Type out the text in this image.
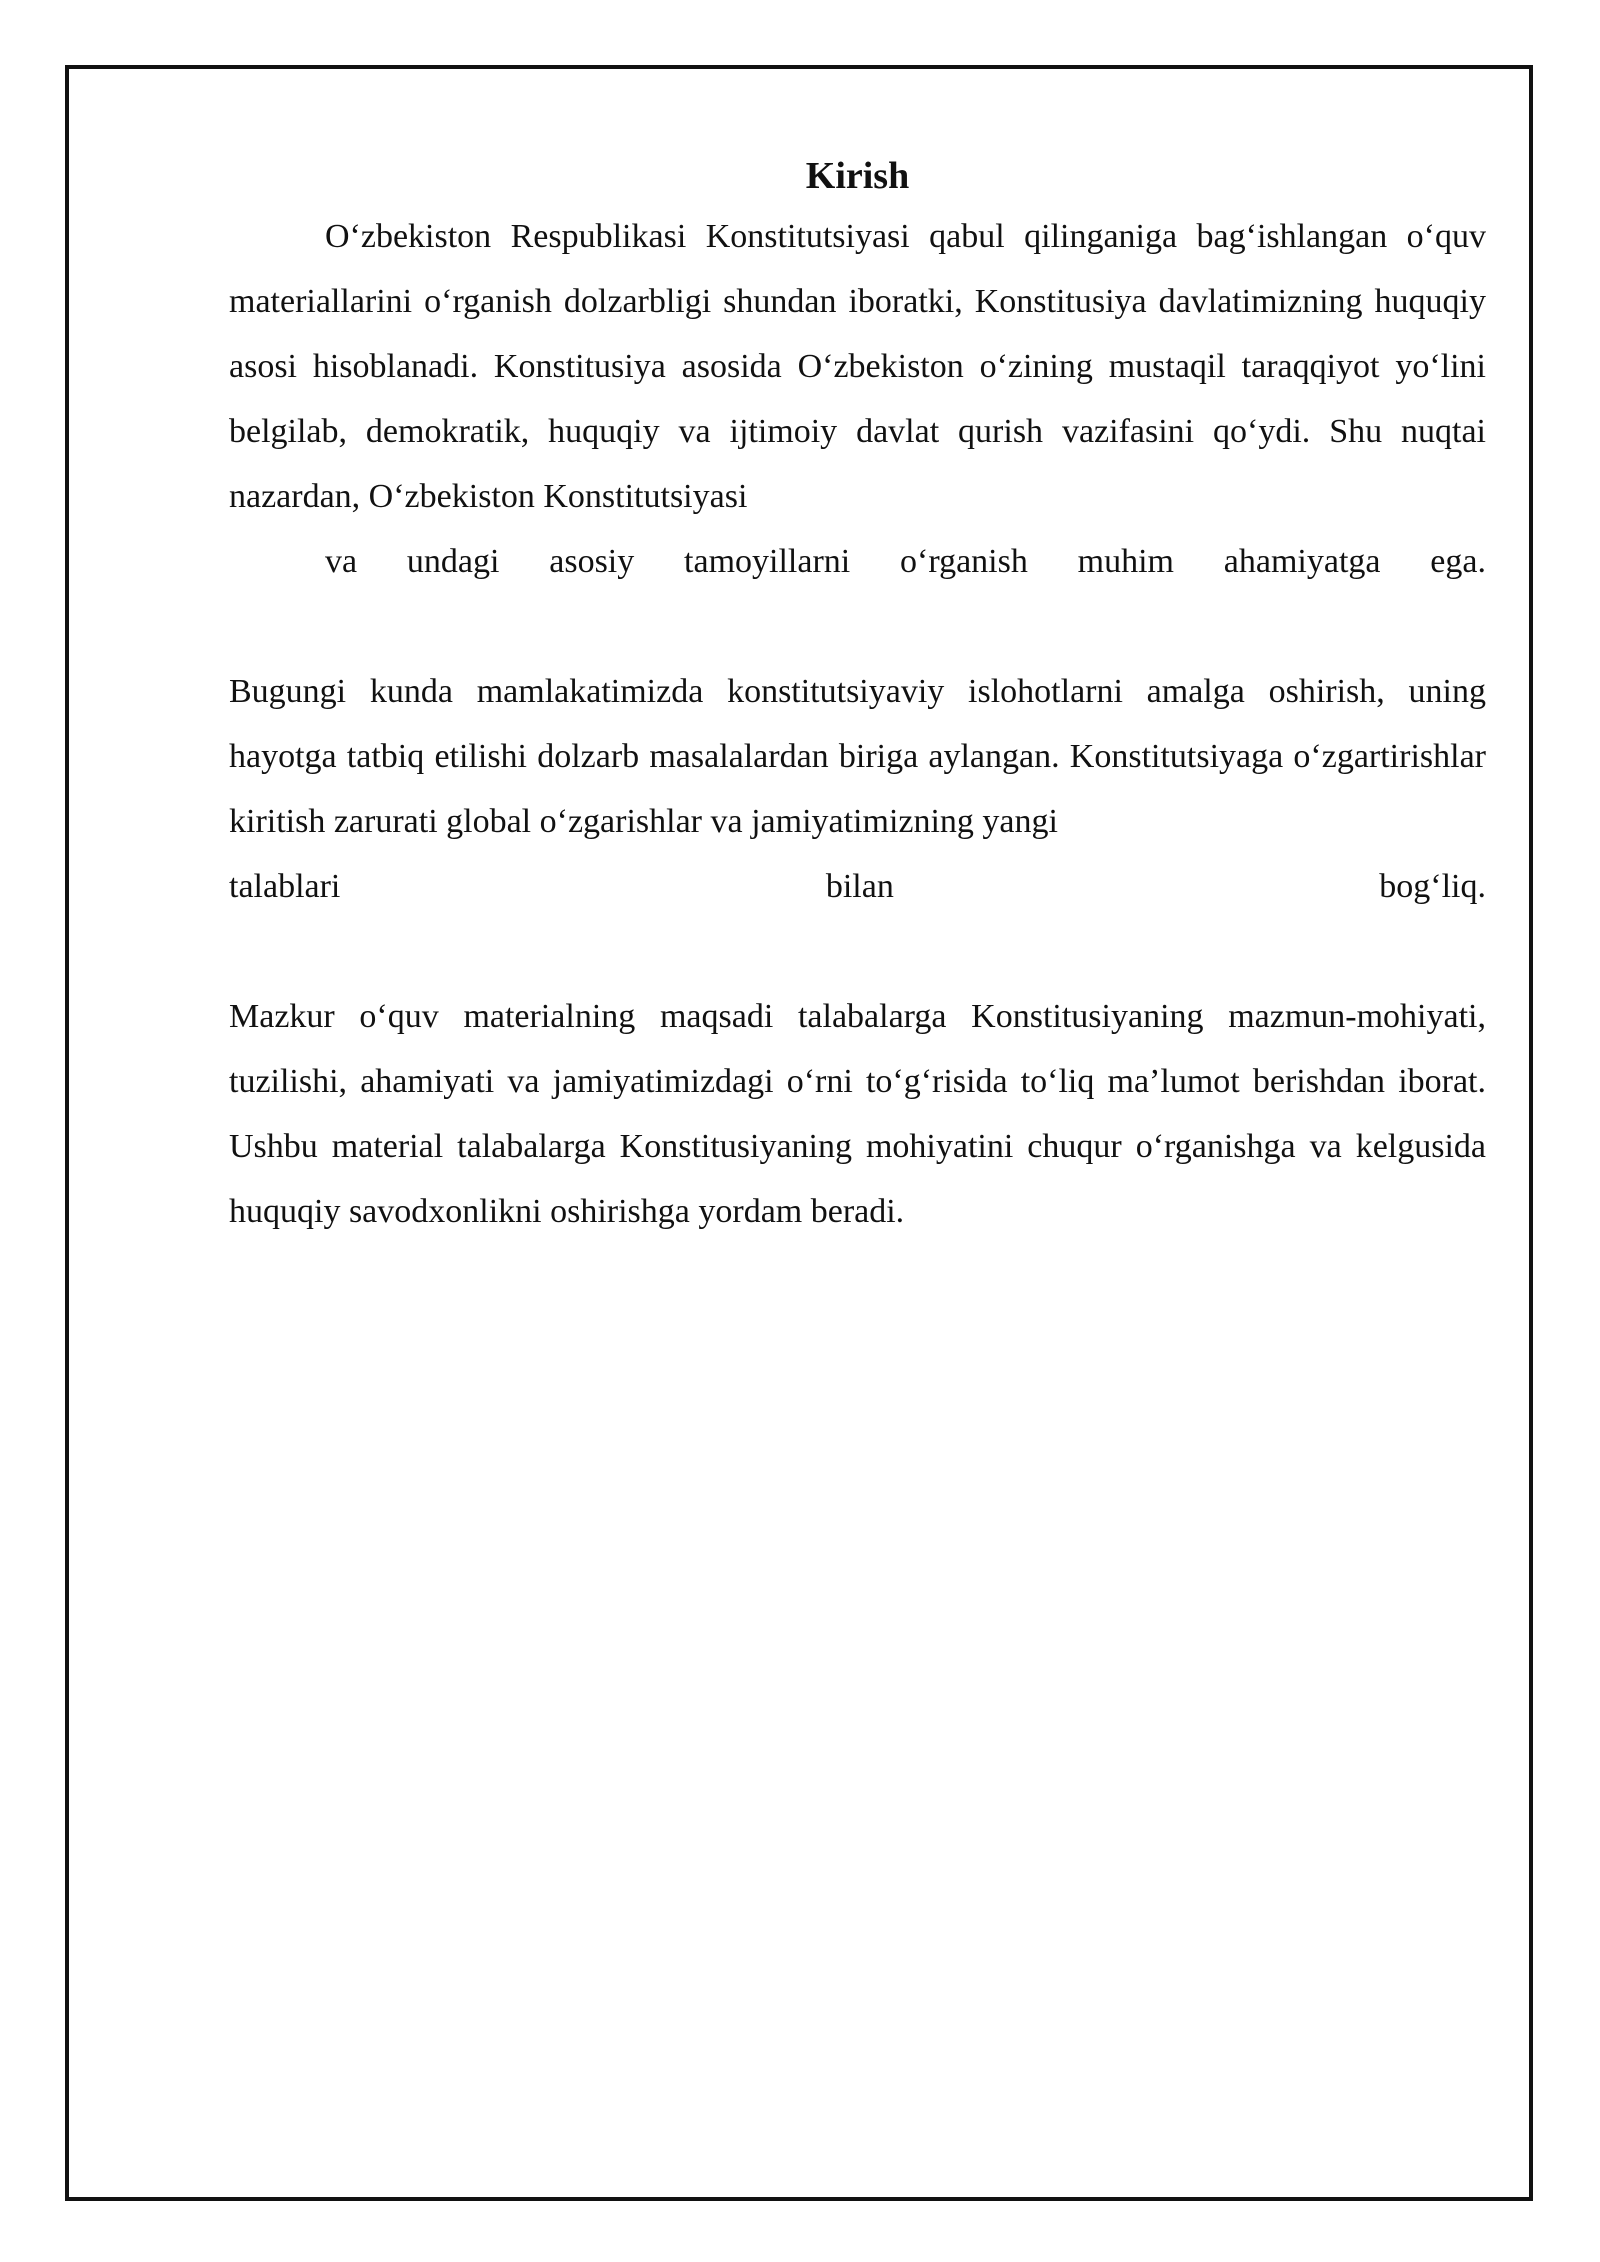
Kirish

O‘zbekiston Respublikasi Konstitutsiyasi qabul qilinganiga bag‘ishlangan o‘quv materiallarini o‘rganish dolzarbligi shundan iboratki, Konstitusiya davlatimizning huquqiy asosi hisoblanadi. Konstitusiya asosida O‘zbekiston o‘zining mustaqil taraqqiyot yo‘lini belgilab, demokratik, huquqiy va ijtimoiy davlat qurish vazifasini qo‘ydi. Shu nuqtai nazardan, O‘zbekiston Konstitutsiyasi
va undagi asosiy tamoyillarni o‘rganish muhim ahamiyatga ega.

Bugungi kunda mamlakatimizda konstitutsiyaviy islohotlarni amalga oshirish, uning hayotga tatbiq etilishi dolzarb masalalardan biriga aylangan. Konstitutsiyaga o‘zgartirishlar kiritish zarurati global o‘zgarishlar va jamiyatimizning yangi
talablari bilan bog‘liq.

Mazkur o‘quv materialning maqsadi talabalarga Konstitusiyaning mazmun-mohiyati, tuzilishi, ahamiyati va jamiyatimizdagi o‘rni to‘g‘risida to‘liq ma’lumot berishdan iborat. Ushbu material talabalarga Konstitusiyaning mohiyatini chuqur o‘rganishga va kelgusida huquqiy savodxonlikni oshirishga yordam beradi.
